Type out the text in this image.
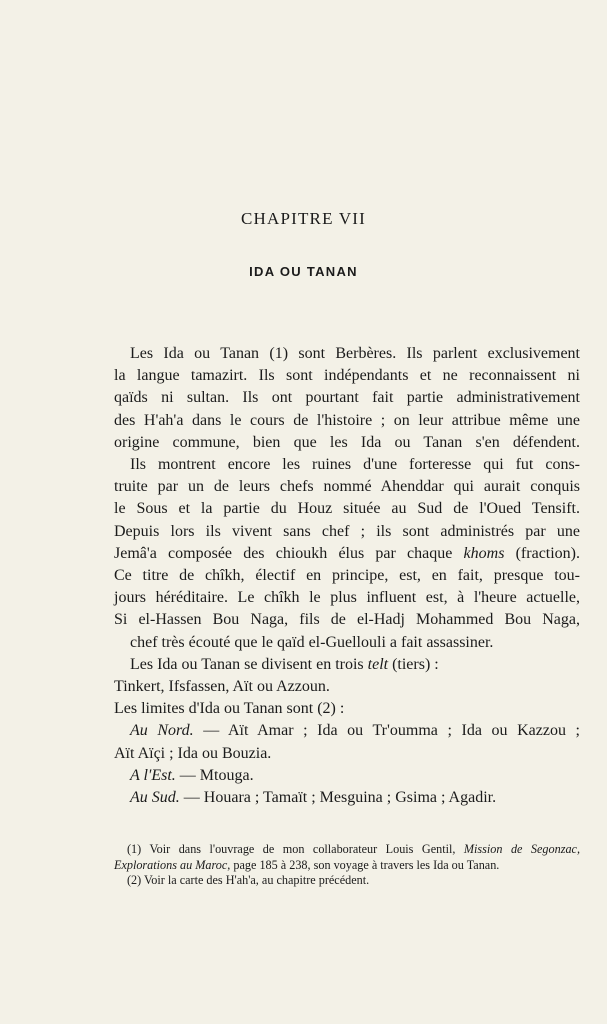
CHAPITRE VII
IDA OU TANAN

Les Ida ou Tanan (1) sont Berbères. Ils parlent exclusivement

la langue tamazirt. Ils sont indépendants et ne reconnaissent ni

qaïds ni sultan. Ils ont pourtant fait partie administrativement

des H'ah'a dans le cours de l'histoire ; on leur attribue même une

origine commune, bien que les Ida ou Tanan s'en défendent.

Ils montrent encore les ruines d'une forteresse qui fut cons-

truite par un de leurs chefs nommé Ahenddar qui aurait conquis

le Sous et la partie du Houz située au Sud de l'Oued Tensift.

Depuis lors ils vivent sans chef ; ils sont administrés par une

Jemâ'a composée des chioukh élus par chaque khoms (fraction).

Ce titre de chîkh, électif en principe, est, en fait, presque tou-

jours héréditaire. Le chîkh le plus influent est, à l'heure actuelle,

Si el-Hassen Bou Naga, fils de el-Hadj Mohammed Bou Naga,

chef très écouté que le qaïd el-Guellouli a fait assassiner.

Les Ida ou Tanan se divisent en trois telt (tiers) :

Tinkert, Ifsfassen, Aït ou Azzoun.

Les limites d'Ida ou Tanan sont (2) :

Au Nord. — Aït Amar ; Ida ou Tr'oumma ; Ida ou Kazzou ;

Aït Aïçi ; Ida ou Bouzia.

A l'Est. — Mtouga.

Au Sud. — Houara ; Tamaït ; Mesguina ; Gsima ; Agadir.

(1) Voir dans l'ouvrage de mon collaborateur Louis Gentil, Mission de Segonzac, Explorations au Maroc, page 185 à 238, son voyage à travers les Ida ou Tanan.

(2) Voir la carte des H'ah'a, au chapitre précédent.
